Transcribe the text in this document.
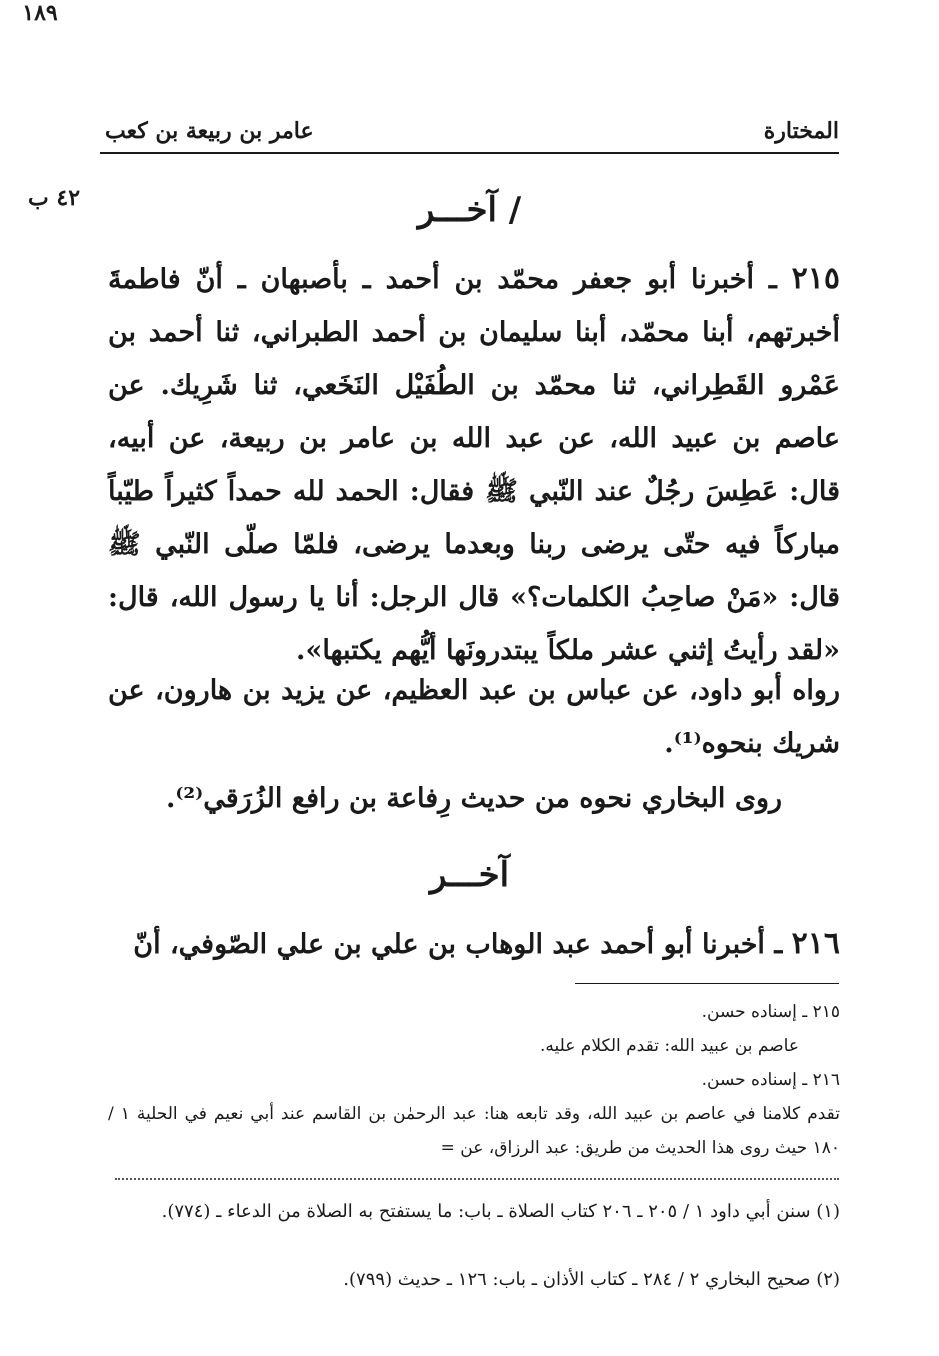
المختارة
١٨٩
عامر بن ربيعة بن كعب
٤٢ ب	/ آخـــر
٢١٥ ـ أخبرنا أبو جعفر محمّد بن أحمد ـ بأصبهان ـ أنّ فاطمةَ أخبرتهم، أبنا محمّد، أبنا سليمان بن أحمد الطبراني، ثنا أحمد بن عَمْرو القَطِراني، ثنا محمّد بن الطُفَيْل النَخَعي، ثنا شَرِيك. عن عاصم بن عبيد الله، عن عبد الله بن عامر بن ربيعة، عن أبيه، قال: عَطِسَ رجُلٌ عند النّبي ﷺ فقال: الحمد لله حمداً كثيراً طيّباً مباركاً فيه حتّى يرضى ربنا وبعدما يرضى، فلمّا صلّى النّبي ﷺ قال: «مَنْ صاحِبُ الكلمات؟» قال الرجل: أنا يا رسول الله، قال: «لقد رأيتُ إثني عشر ملكاً يبتدرونَها أيُّهم يكتبها».
رواه أبو داود، عن عباس بن عبد العظيم، عن يزيد بن هارون، عن شريك بنحوه⁽¹⁾.
روى البخاري نحوه من حديث رِفاعة بن رافع الزُرَقي⁽²⁾.
آخـــر
٢١٦ ـ أخبرنا أبو أحمد عبد الوهاب بن علي بن علي الصّوفي، أنّ
٢١٥ ـ إسناده حسن.
عاصم بن عبيد الله: تقدم الكلام عليه.
٢١٦ ـ إسناده حسن.
تقدم كلامنا في عاصم بن عبيد الله، وقد تابعه هنا: عبد الرحمٰن بن القاسم عند أبي نعيم في الحلية ١ / ١٨٠ حيث روى هذا الحديث من طريق: عبد الرزاق، عن =
(١) سنن أبي داود ١ / ٢٠٥ ـ ٢٠٦ كتاب الصلاة ـ باب: ما يستفتح به الصلاة من الدعاء ـ (٧٧٤).
(٢) صحيح البخاري ٢ / ٢٨٤ ـ كتاب الأذان ـ باب: ١٢٦ ـ حديث (٧٩٩).
